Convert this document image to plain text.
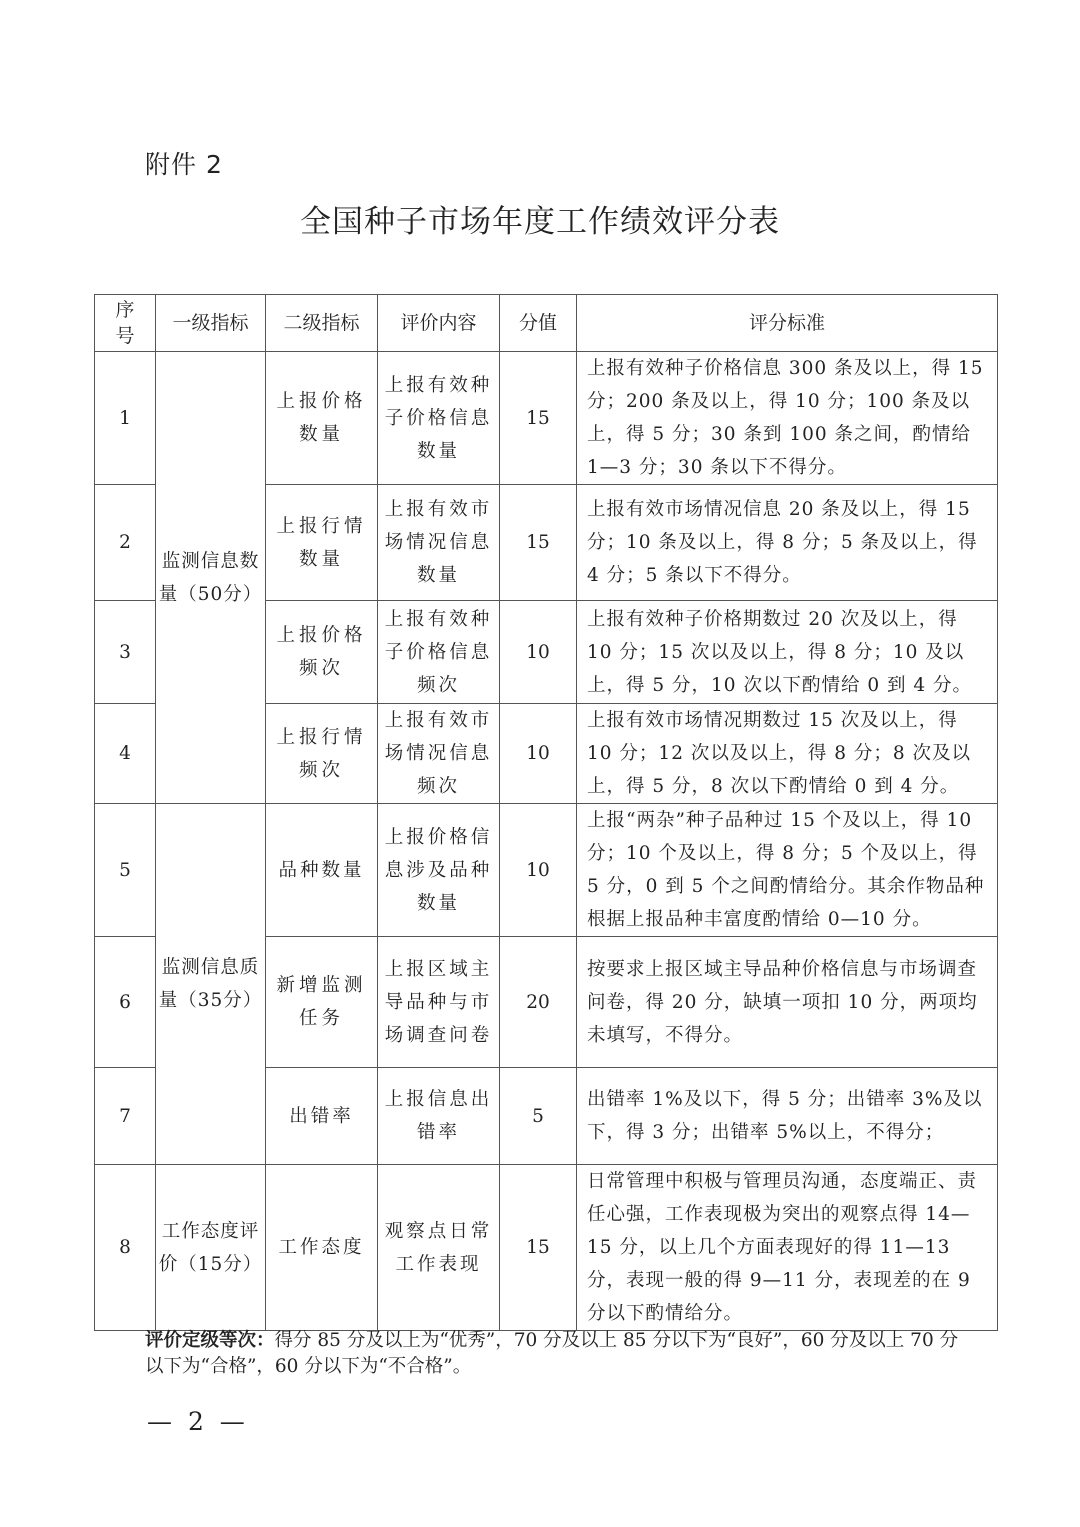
附件 2
全国种子市场年度工作绩效评分表
序号	一级指标	二级指标	评价内容	分值	评分标准
1	监测信息数量（50分）	上报价格数量	上报有效种子价格信息数量	15	上报有效种子价格信息 300 条及以上，得 15 分；200 条及以上，得 10 分；100 条及以上，得 5 分；30 条到 100 条之间，酌情给 1—3 分；30 条以下不得分。
2		上报行情数量	上报有效市场情况信息数量	15	上报有效市场情况信息 20 条及以上，得 15 分；10 条及以上，得 8 分；5 条及以上，得 4 分；5 条以下不得分。
3		上报价格频次	上报有效种子价格信息频次	10	上报有效种子价格期数过 20 次及以上，得 10 分；15 次以及以上，得 8 分；10 及以上，得 5 分，10 次以下酌情给 0 到 4 分。
4		上报行情频次	上报有效市场情况信息频次	10	上报有效市场情况期数过 15 次及以上，得 10 分；12 次以及以上，得 8 分；8 次及以上，得 5 分，8 次以下酌情给 0 到 4 分。
5	监测信息质量（35分）	品种数量	上报价格信息涉及品种数量	10	上报“两杂”种子品种过 15 个及以上，得 10 分；10 个及以上，得 8 分；5 个及以上，得 5 分，0 到 5 个之间酌情给分。其余作物品种根据上报品种丰富度酌情给 0—10 分。
6		新增监测任务	上报区域主导品种与市场调查问卷	20	按要求上报区域主导品种价格信息与市场调查问卷，得 20 分，缺填一项扣 10 分，两项均未填写，不得分。
7		出错率	上报信息出错率	5	出错率 1%及以下，得 5 分；出错率 3%及以下，得 3 分；出错率 5%以上，不得分；
8	工作态度评价（15分）	工作态度	观察点日常工作表现	15	日常管理中积极与管理员沟通，态度端正、责任心强，工作表现极为突出的观察点得 14—15 分，以上几个方面表现好的得 11—13 分，表现一般的得 9—11 分，表现差的在 9 分以下酌情给分。
评价定级等次：得分 85 分及以上为“优秀”，70 分及以上 85 分以下为“良好”，60 分及以上 70 分以下为“合格”，60 分以下为“不合格”。
— 2 —
